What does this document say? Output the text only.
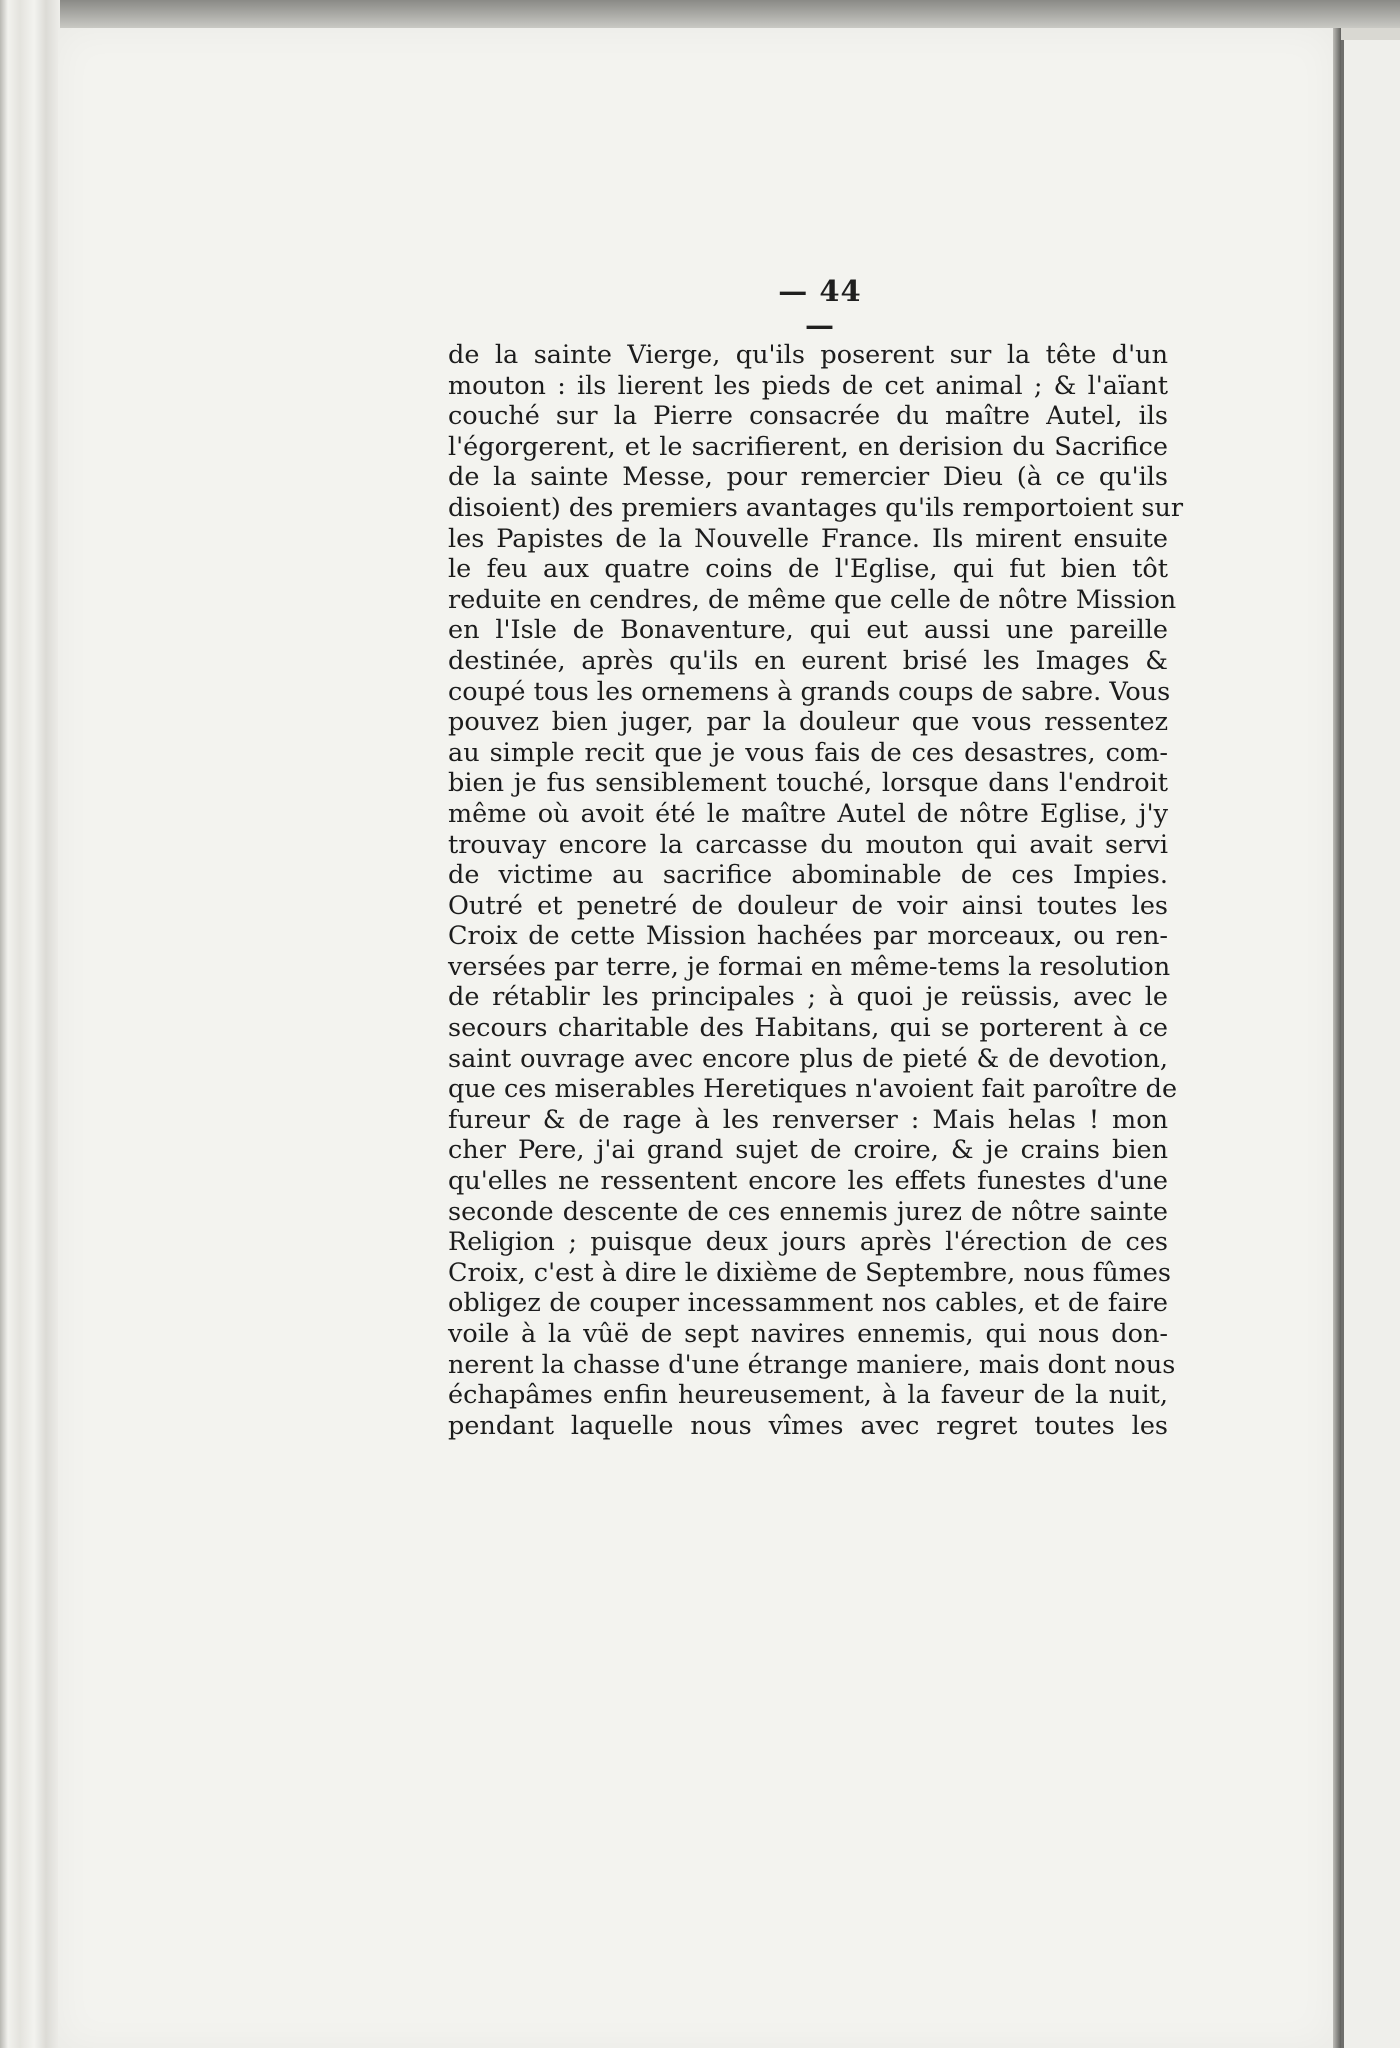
— 44 —
de la sainte Vierge, qu'ils poserent sur la tête d'un
mouton : ils lierent les pieds de cet animal ; & l'aïant
couché sur la Pierre consacrée du maître Autel, ils
l'égorgerent, et le sacrifierent, en derision du Sacrifice
de la sainte Messe, pour remercier Dieu (à ce qu'ils
disoient) des premiers avantages qu'ils remportoient sur
les Papistes de la Nouvelle France. Ils mirent ensuite
le feu aux quatre coins de l'Eglise, qui fut bien tôt
reduite en cendres, de même que celle de nôtre Mission
en l'Isle de Bonaventure, qui eut aussi une pareille
destinée, après qu'ils en eurent brisé les Images &
coupé tous les ornemens à grands coups de sabre. Vous
pouvez bien juger, par la douleur que vous ressentez
au simple recit que je vous fais de ces desastres, com-
bien je fus sensiblement touché, lorsque dans l'endroit
même où avoit été le maître Autel de nôtre Eglise, j'y
trouvay encore la carcasse du mouton qui avait servi
de victime au sacrifice abominable de ces Impies.
Outré et penetré de douleur de voir ainsi toutes les
Croix de cette Mission hachées par morceaux, ou ren-
versées par terre, je formai en même-tems la resolution
de rétablir les principales ; à quoi je reüssis, avec le
secours charitable des Habitans, qui se porterent à ce
saint ouvrage avec encore plus de pieté & de devotion,
que ces miserables Heretiques n'avoient fait paroître de
fureur & de rage à les renverser : Mais helas ! mon
cher Pere, j'ai grand sujet de croire, & je crains bien
qu'elles ne ressentent encore les effets funestes d'une
seconde descente de ces ennemis jurez de nôtre sainte
Religion ; puisque deux jours après l'érection de ces
Croix, c'est à dire le dixième de Septembre, nous fûmes
obligez de couper incessamment nos cables, et de faire
voile à la vûë de sept navires ennemis, qui nous don-
nerent la chasse d'une étrange maniere, mais dont nous
échapâmes enfin heureusement, à la faveur de la nuit,
pendant laquelle nous vîmes avec regret toutes les
